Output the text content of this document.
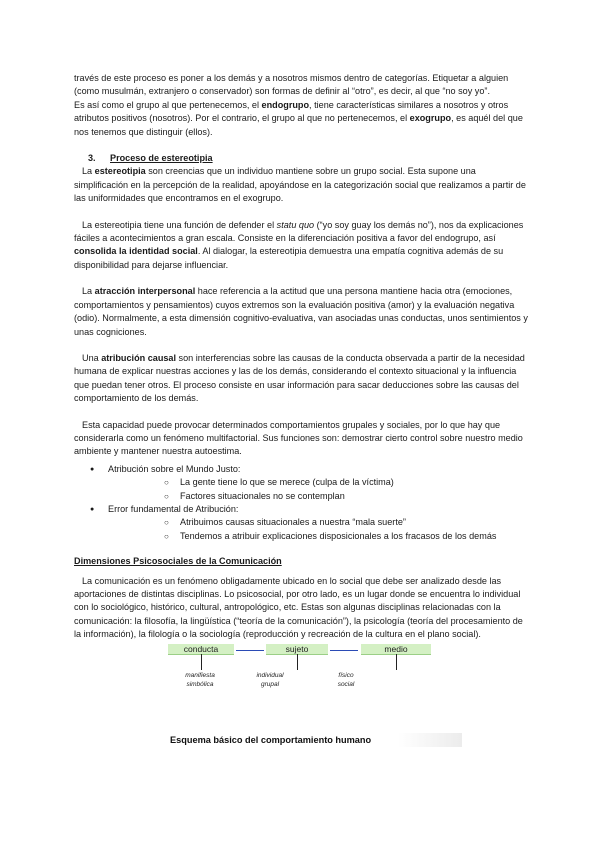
través de este proceso es poner a los demás y a nosotros mismos dentro de categorías. Etiquetar a alguien (como musulmán, extranjero o conservador) son formas de definir al “otro”, es decir, al que “no soy yo”.

Es así como el grupo al que pertenecemos, el endogrupo, tiene características similares a nosotros y otros atributos positivos (nosotros). Por el contrario, el grupo al que no pertenecemos, el exogrupo, es aquél del que nos tenemos que distinguir (ellos).

3. Proceso de estereotipia

La estereotipia son creencias que un individuo mantiene sobre un grupo social. Esta supone una simplificación en la percepción de la realidad, apoyándose en la categorización social que realizamos a partir de las uniformidades que encontramos en el exogrupo.

La estereotipia tiene una función de defender el statu quo (“yo soy guay los demás no”), nos da explicaciones fáciles a acontecimientos a gran escala. Consiste en la diferenciación positiva a favor del endogrupo, así consolida la identidad social. Al dialogar, la estereotipia demuestra una empatía cognitiva además de su disponibilidad para dejarse influenciar.

La atracción interpersonal hace referencia a la actitud que una persona mantiene hacia otra (emociones, comportamientos y pensamientos) cuyos extremos son la evaluación positiva (amor) y la evaluación negativa (odio). Normalmente, a esta dimensión cognitivo-evaluativa, van asociadas unas conductas, unos sentimientos y unas cogniciones.

Una atribución causal son interferencias sobre las causas de la conducta observada a partir de la necesidad humana de explicar nuestras acciones y las de los demás, considerando el contexto situacional y la influencia que puedan tener otros. El proceso consiste en usar información para sacar deducciones sobre las causas del comportamiento de los demás.

Esta capacidad puede provocar determinados comportamientos grupales y sociales, por lo que hay que considerarla como un fenómeno multifactorial. Sus funciones son: demostrar cierto control sobre nuestro medio ambiente y mantener nuestra autoestima.

● Atribución sobre el Mundo Justo:
○ La gente tiene lo que se merece (culpa de la víctima)
○ Factores situacionales no se contemplan
● Error fundamental de Atribución:
○ Atribuimos causas situacionales a nuestra “mala suerte”
○ Tendemos a atribuir explicaciones disposicionales a los fracasos de los demás
Dimensiones Psicosociales de la Comunicación

La comunicación es un fenómeno obligadamente ubicado en lo social que debe ser analizado desde las aportaciones de distintas disciplinas. Lo psicosocial, por otro lado, es un lugar donde se encuentra lo individual con lo sociológico, histórico, cultural, antropológico, etc. Estas son algunas disciplinas relacionadas con la comunicación: la filosofía, la lingüística (“teoría de la comunicación”), la psicología (teoría del procesamiento de la información), la filología o la sociología (reproducción y recreación de la cultura en el plano social).

conducta	sujeto	medio
manifiesta
simbólica
individual
grupal
físico
social
Esquema básico del comportamiento humano
